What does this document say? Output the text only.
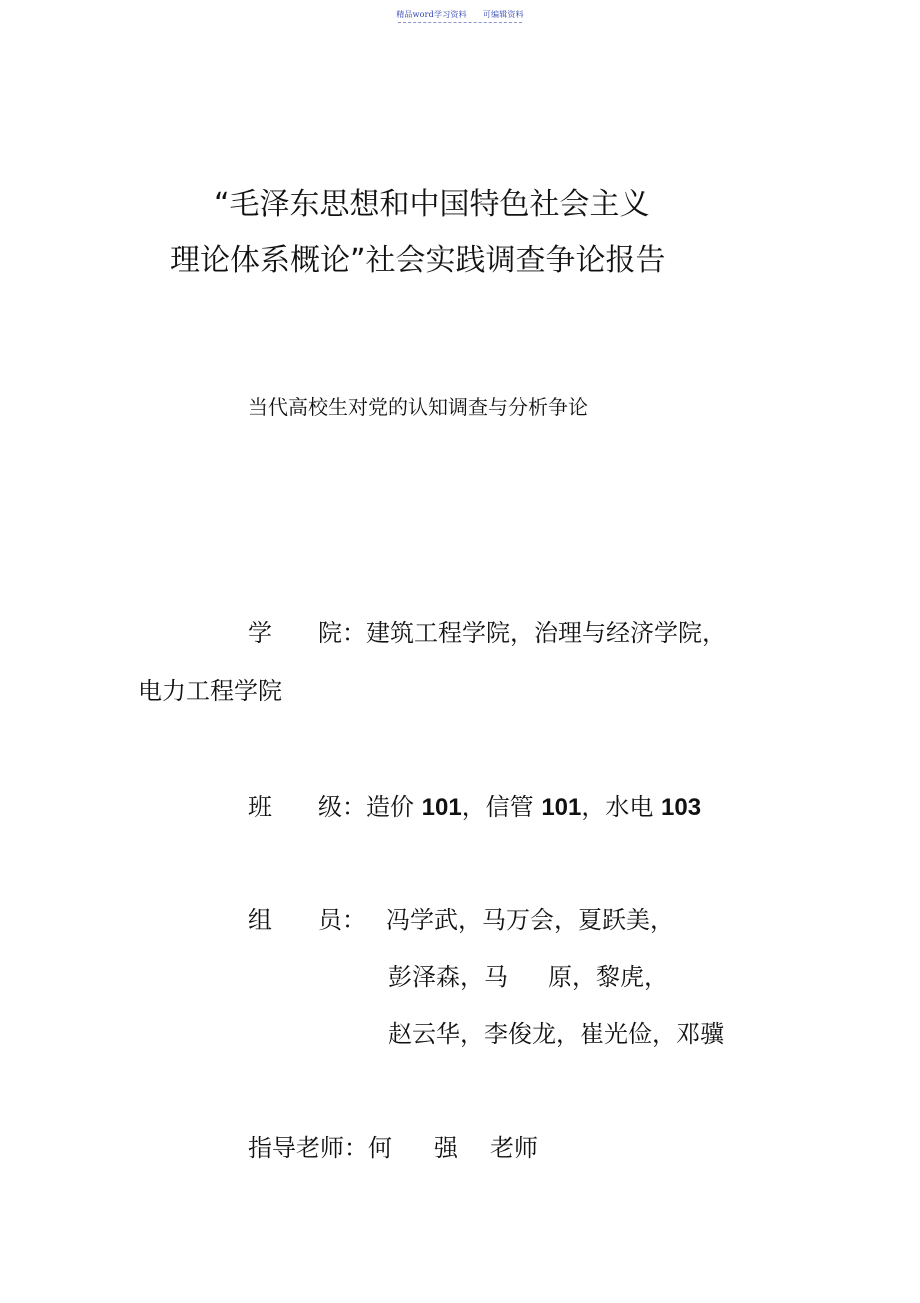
精品word学习资料 可编辑资料
“毛泽东思想和中国特色社会主义
理论体系概论”社会实践调查争论报告
当代高校生对党的认知调查与分析争论
学 院：建筑工程学院，治理与经济学院，
电力工程学院
班 级：造价 101，信管 101，水电 103
组 员： 冯学武，马万会，夏跃美，
彭泽森，马 原，黎虎，
赵云华，李俊龙，崔光俭，邓骥
指导老师：何 强 老师
